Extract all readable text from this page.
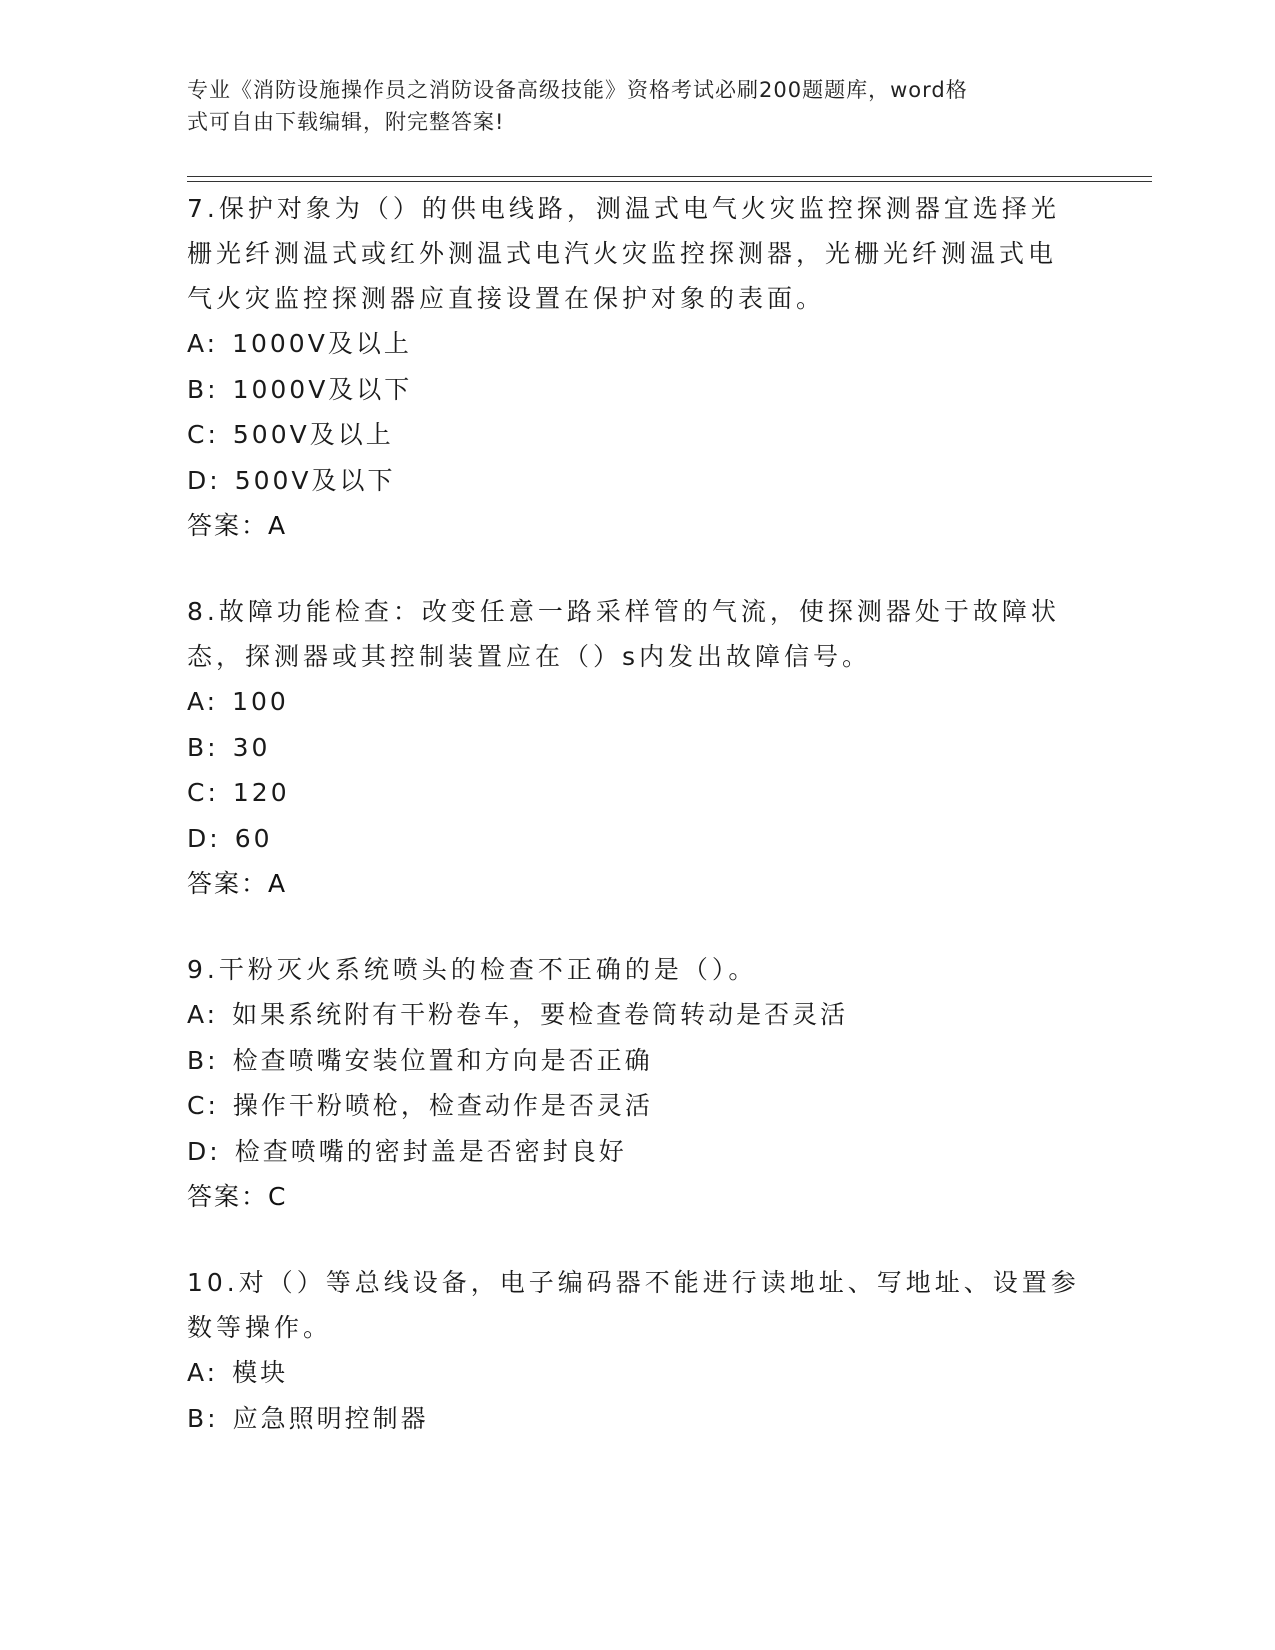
专业《消防设施操作员之消防设备高级技能》资格考试必刷200题题库，word格
式可自由下载编辑，附完整答案!

7.保护对象为（）的供电线路，测温式电气火灾监控探测器宜选择光

栅光纤测温式或红外测温式电汽火灾监控探测器，光栅光纤测温式电

气火灾监控探测器应直接设置在保护对象的表面。

A: 1000V及以上

B: 1000V及以下

C: 500V及以上

D: 500V及以下

答案：A

8.故障功能检查：改变任意一路采样管的气流，使探测器处于故障状

态，探测器或其控制装置应在（）s内发出故障信号。

A: 100

B: 30

C: 120

D: 60

答案：A

9.干粉灭火系统喷头的检查不正确的是（）。

A: 如果系统附有干粉卷车，要检查卷筒转动是否灵活

B: 检查喷嘴安装位置和方向是否正确

C: 操作干粉喷枪，检查动作是否灵活

D: 检查喷嘴的密封盖是否密封良好

答案：C

10.对（）等总线设备，电子编码器不能进行读地址、写地址、设置参

数等操作。

A: 模块

B: 应急照明控制器
